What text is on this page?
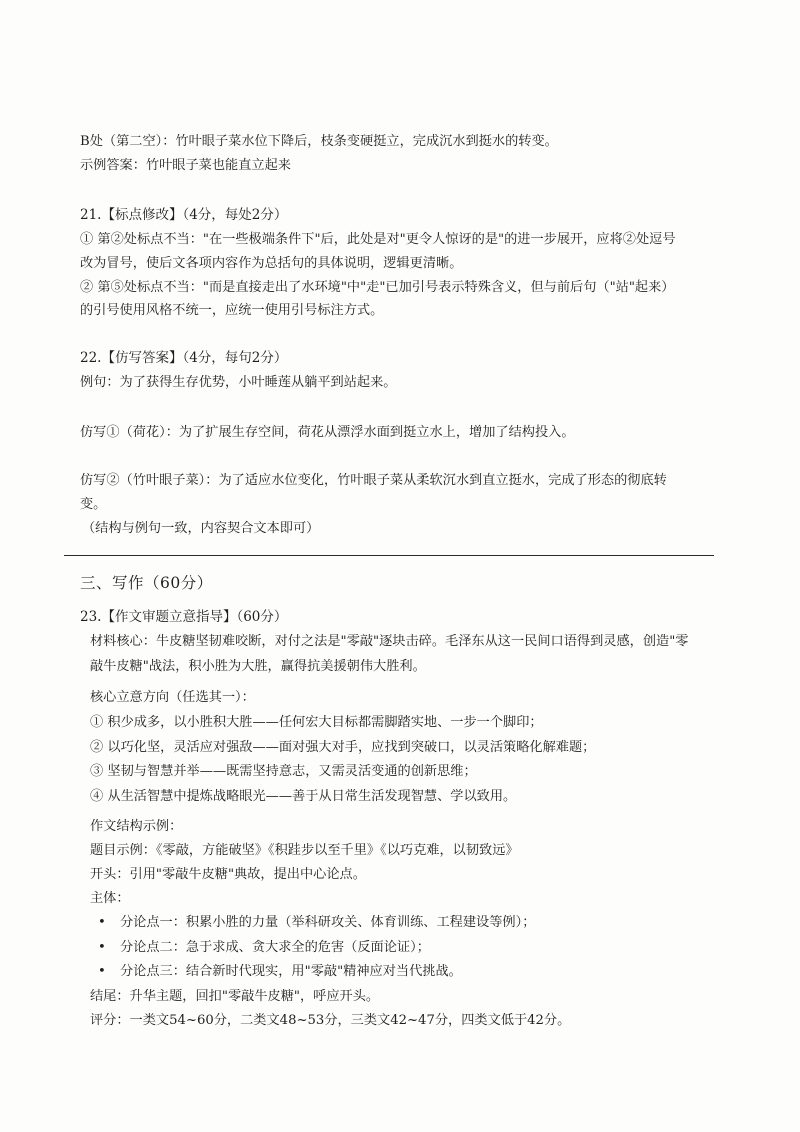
B处（第二空）：竹叶眼子菜水位下降后，枝条变硬挺立，完成沉水到挺水的转变。

示例答案：竹叶眼子菜也能直立起来

21.【标点修改】（4分，每处2分）

① 第②处标点不当："在一些极端条件下"后，此处是对"更令人惊讶的是"的进一步展开，应将②处逗号

改为冒号，使后文各项内容作为总括句的具体说明，逻辑更清晰。

② 第⑤处标点不当："而是直接走出了水环境"中"走"已加引号表示特殊含义，但与前后句（"站"起来）

的引号使用风格不统一，应统一使用引号标注方式。

22.【仿写答案】（4分，每句2分）

例句：为了获得生存优势，小叶睡莲从躺平到站起来。

仿写①（荷花）：为了扩展生存空间，荷花从漂浮水面到挺立水上，增加了结构投入。

仿写②（竹叶眼子菜）：为了适应水位变化，竹叶眼子菜从柔软沉水到直立挺水，完成了形态的彻底转

变。

（结构与例句一致，内容契合文本即可）

三、写作（60分）

23.【作文审题立意指导】（60分）

材料核心：牛皮糖坚韧难咬断，对付之法是"零敲"逐块击碎。毛泽东从这一民间口语得到灵感，创造"零

敲牛皮糖"战法，积小胜为大胜，赢得抗美援朝伟大胜利。

核心立意方向（任选其一）：

① 积少成多，以小胜积大胜——任何宏大目标都需脚踏实地、一步一个脚印；

② 以巧化坚，灵活应对强敌——面对强大对手，应找到突破口，以灵活策略化解难题；

③ 坚韧与智慧并举——既需坚持意志，又需灵活变通的创新思维；

④ 从生活智慧中提炼战略眼光——善于从日常生活发现智慧、学以致用。

作文结构示例：

题目示例：《零敲，方能破坚》《积跬步以至千里》《以巧克难，以韧致远》

开头：引用"零敲牛皮糖"典故，提出中心论点。

主体：

• 分论点一：积累小胜的力量（举科研攻关、体育训练、工程建设等例）；

• 分论点二：急于求成、贪大求全的危害（反面论证）；

• 分论点三：结合新时代现实，用"零敲"精神应对当代挑战。

结尾：升华主题，回扣"零敲牛皮糖"，呼应开头。

评分：一类文54~60分，二类文48~53分，三类文42~47分，四类文低于42分。
